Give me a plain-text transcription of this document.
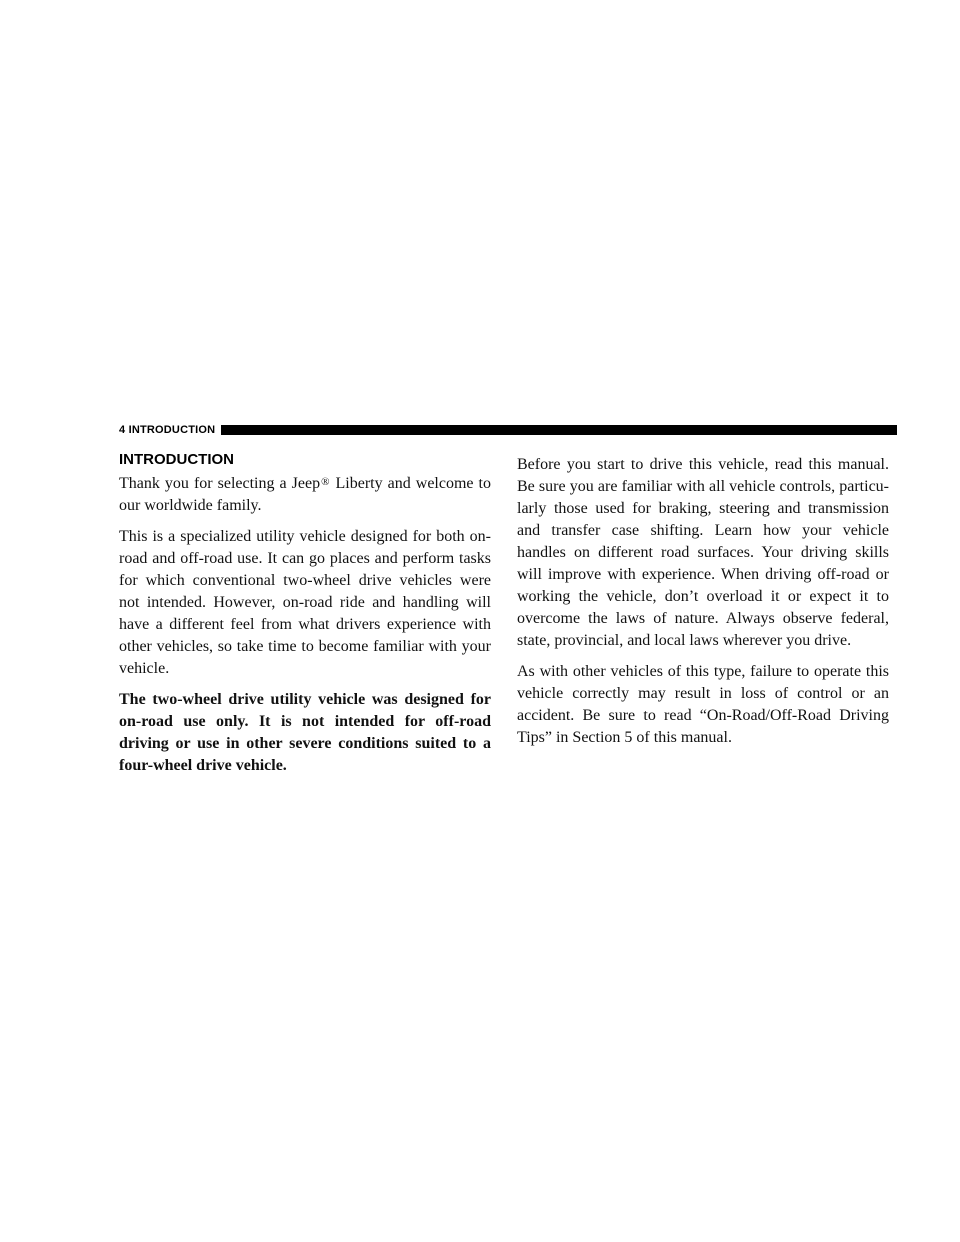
4 INTRODUCTION
INTRODUCTION

Thank you for selecting a Jeep® Liberty and welcome to our worldwide family.

This is a specialized utility vehicle designed for both on-road and off-road use. It can go places and perform tasks for which conventional two-wheel drive vehicles were not intended. However, on-road ride and handling will have a different feel from what drivers experience with other vehicles, so take time to become familiar with your vehicle.

The two-wheel drive utility vehicle was designed for on-road use only. It is not intended for off-road driving or use in other severe conditions suited to a four-wheel drive vehicle.

Before you start to drive this vehicle, read this manual. Be sure you are familiar with all vehicle controls, particu-larly those used for braking, steering and transmission and transfer case shifting. Learn how your vehicle handles on different road surfaces. Your driving skills will improve with experience. When driving off-road or working the vehicle, don’t overload it or expect it to overcome the laws of nature. Always observe federal, state, provincial, and local laws wherever you drive.

As with other vehicles of this type, failure to operate this vehicle correctly may result in loss of control or an accident. Be sure to read “On-Road/Off-Road Driving Tips” in Section 5 of this manual.
